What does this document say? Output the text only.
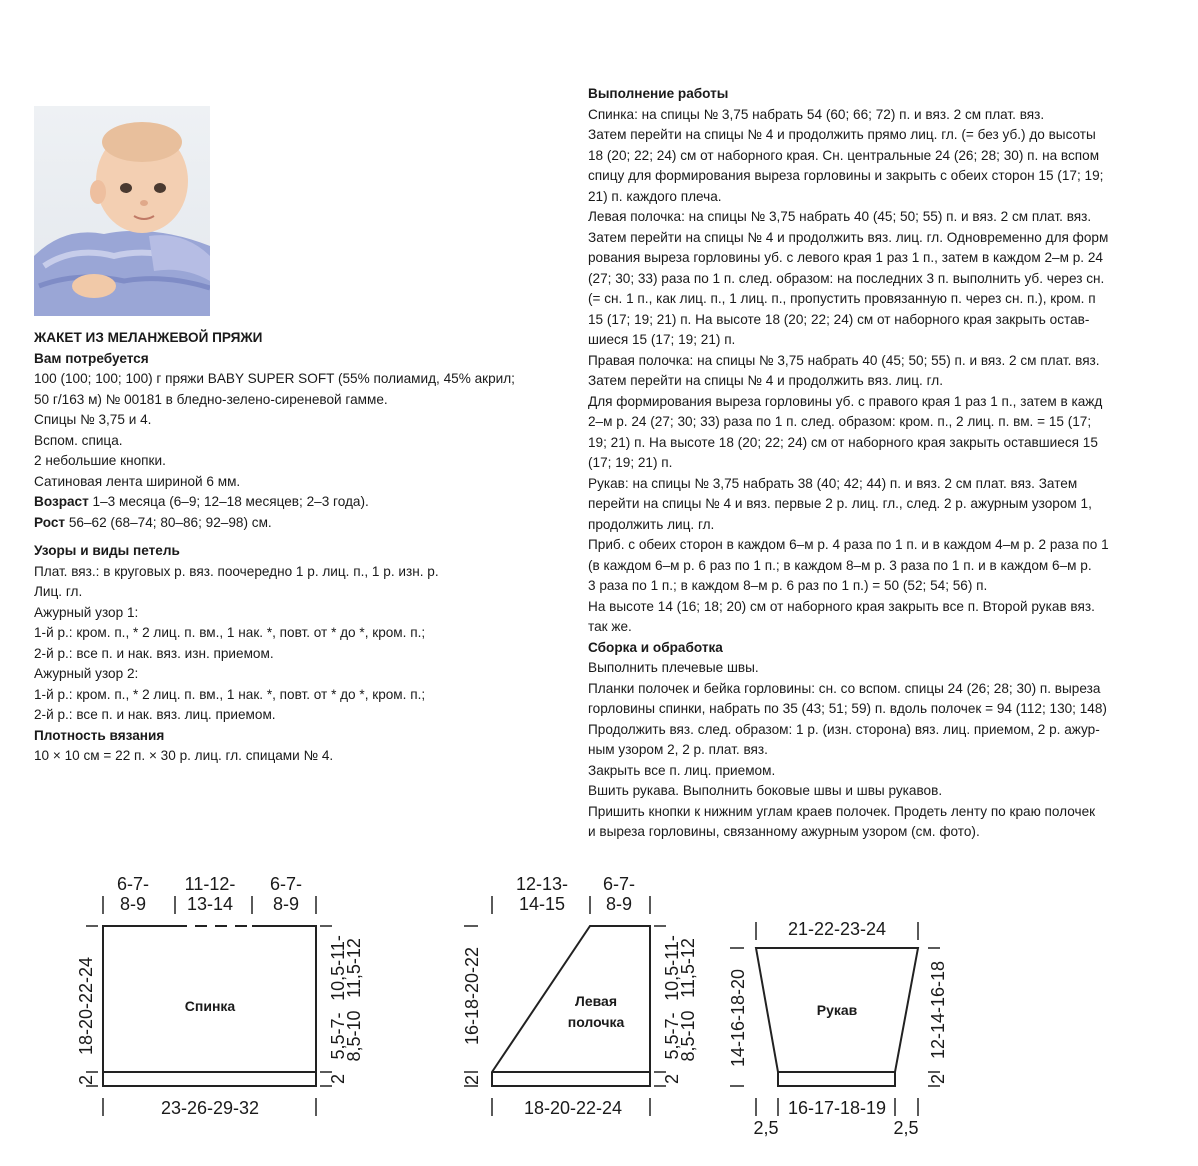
ЖАКЕТ ИЗ МЕЛАНЖЕВОЙ ПРЯЖИ

Вам потребуется

100 (100; 100; 100) г пряжи BABY SUPER SOFT (55% полиамид, 45% акрил;

50 г/163 м) № 00181 в бледно-зелено-сиреневой гамме.

Спицы № 3,75 и 4.

Вспом. спица.

2 небольшие кнопки.

Сатиновая лента шириной 6 мм.

Возраст 1–3 месяца (6–9; 12–18 месяцев; 2–3 года).

Рост 56–62 (68–74; 80–86; 92–98) см.

Узоры и виды петель

Плат. вяз.: в круговых р. вяз. поочередно 1 р. лиц. п., 1 р. изн. р.

Лиц. гл.

Ажурный узор 1:

1-й р.: кром. п., * 2 лиц. п. вм., 1 нак. *, повт. от * до *, кром. п.;

2-й р.: все п. и нак. вяз. изн. приемом.

Ажурный узор 2:

1-й р.: кром. п., * 2 лиц. п. вм., 1 нак. *, повт. от * до *, кром. п.;

2-й р.: все п. и нак. вяз. лиц. приемом.

Плотность вязания

10 × 10 см = 22 п. × 30 р. лиц. гл. спицами № 4.

Выполнение работы

Спинка: на спицы № 3,75 набрать 54 (60; 66; 72) п. и вяз. 2 см плат. вяз.

Затем перейти на спицы № 4 и продолжить прямо лиц. гл. (= без уб.) до высоты

18 (20; 22; 24) см от наборного края. Сн. центральные 24 (26; 28; 30) п. на вспом

спицу для формирования выреза горловины и закрыть с обеих сторон 15 (17; 19;

21) п. каждого плеча.

Левая полочка: на спицы № 3,75 набрать 40 (45; 50; 55) п. и вяз. 2 см плат. вяз.

Затем перейти на спицы № 4 и продолжить вяз. лиц. гл. Одновременно для форм

рования выреза горловины уб. с левого края 1 раз 1 п., затем в каждом 2–м р. 24

(27; 30; 33) раза по 1 п. след. образом: на последних 3 п. выполнить уб. через сн.

(= сн. 1 п., как лиц. п., 1 лиц. п., пропустить провязанную п. через сн. п.), кром. п

15 (17; 19; 21) п. На высоте 18 (20; 22; 24) см от наборного края закрыть остав-

шиеся 15 (17; 19; 21) п.

Правая полочка: на спицы № 3,75 набрать 40 (45; 50; 55) п. и вяз. 2 см плат. вяз.

Затем перейти на спицы № 4 и продолжить вяз. лиц. гл.

Для формирования выреза горловины уб. с правого края 1 раз 1 п., затем в кажд

2–м р. 24 (27; 30; 33) раза по 1 п. след. образом: кром. п., 2 лиц. п. вм. = 15 (17;

19; 21) п. На высоте 18 (20; 22; 24) см от наборного края закрыть оставшиеся 15

(17; 19; 21) п.

Рукав: на спицы № 3,75 набрать 38 (40; 42; 44) п. и вяз. 2 см плат. вяз. Затем

перейти на спицы № 4 и вяз. первые 2 р. лиц. гл., след. 2 р. ажурным узором 1,

продолжить лиц. гл.

Приб. с обеих сторон в каждом 6–м р. 4 раза по 1 п. и в каждом 4–м р. 2 раза по 1

(в каждом 6–м р. 6 раз по 1 п.; в каждом 8–м р. 3 раза по 1 п. и в каждом 6–м р.

3 раза по 1 п.; в каждом 8–м р. 6 раз по 1 п.) = 50 (52; 54; 56) п.

На высоте 14 (16; 18; 20) см от наборного края закрыть все п. Второй рукав вяз.

так же.

Сборка и обработка

Выполнить плечевые швы.

Планки полочек и бейка горловины: сн. со вспом. спицы 24 (26; 28; 30) п. выреза

горловины спинки, набрать по 35 (43; 51; 59) п. вдоль полочек = 94 (112; 130; 148)

Продолжить вяз. след. образом: 1 р. (изн. сторона) вяз. лиц. приемом, 2 р. ажур-

ным узором 2, 2 р. плат. вяз.

Закрыть все п. лиц. приемом.

Вшить рукава. Выполнить боковые швы и швы рукавов.

Пришить кнопки к нижним углам краев полочек. Продеть ленту по краю полочек

и выреза горловины, связанному ажурным узором (см. фото).

6-7-
8-9
11-12-
13-14
6-7-
8-9
18-20-22-24
2	2
5,5-7-
8,5-10
10,5-11-
11,5-12
23-26-29-32
Спинка
12-13-
14-15
6-7-
8-9
16-18-20-22
2	2
5,5-7-
8,5-10
10,5-11-
11,5-12
18-20-22-24
Левая
полочка
21-22-23-24
14-16-18-20
2
12-14-16-18
16-17-18-19
2,5	2,5
Рукав
